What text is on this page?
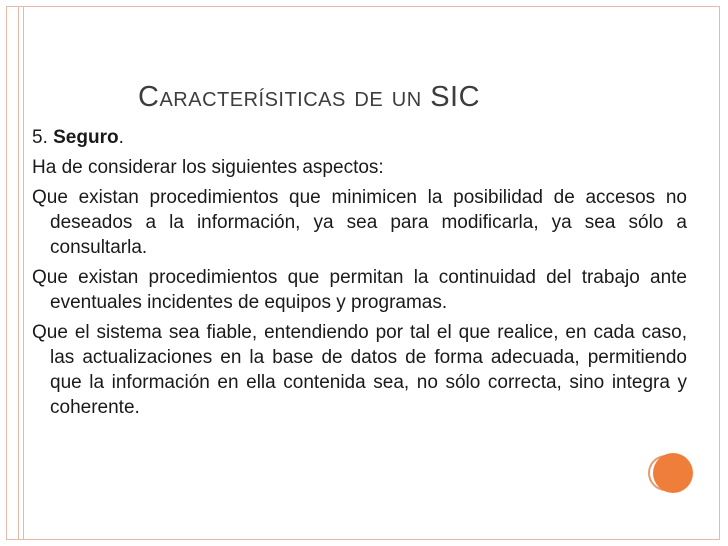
Caracterísiticas de un SIC

5. Seguro.

Ha de considerar los siguientes aspectos:

Que existan procedimientos que minimicen la posibilidad de accesos no deseados a la información, ya sea para modificarla, ya sea sólo a consultarla.

Que existan procedimientos que permitan la continuidad del trabajo ante eventuales incidentes de equipos y programas.

Que el sistema sea fiable, entendiendo por tal el que realice, en cada caso, las actualizaciones en la base de datos de forma adecuada, permitiendo que la información en ella contenida sea, no sólo correcta, sino integra y coherente.
